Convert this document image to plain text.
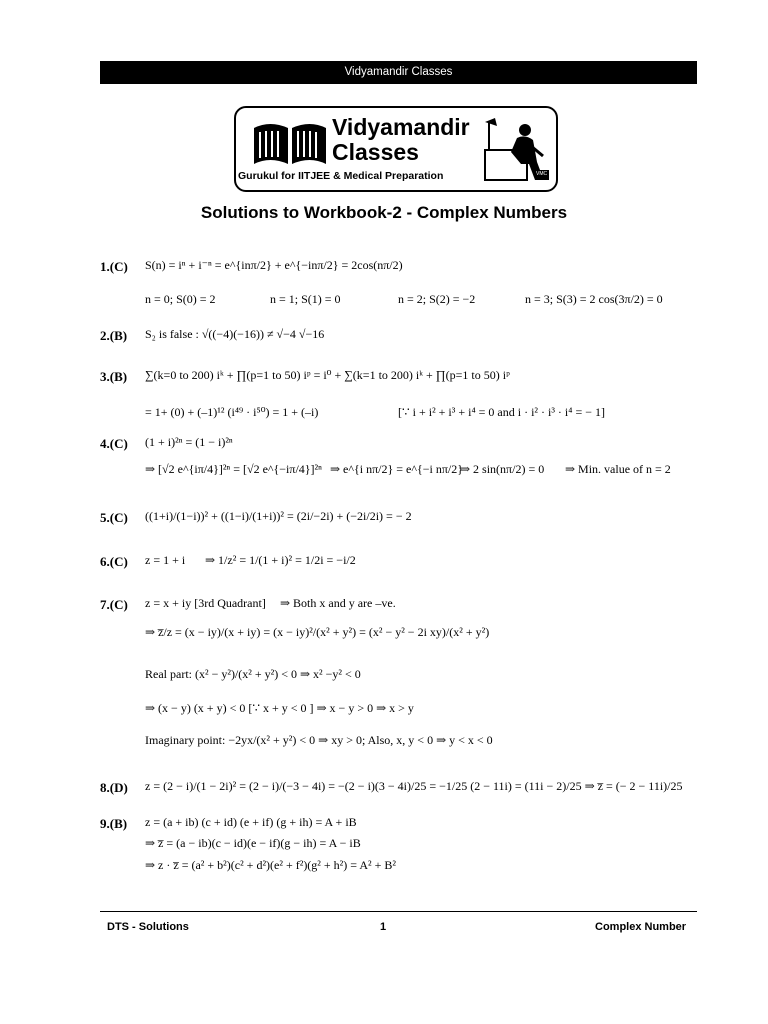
Vidyamandir Classes
Vidyamandir
Classes
Gurukul for IITJEE & Medical Preparation	VMC
Solutions to Workbook-2 - Complex Numbers
1.(C) S(n) = iⁿ + i⁻ⁿ = e^{inπ/2} + e^{−inπ/2} = 2cos(nπ/2)
n = 0; S(0) = 2	n = 1; S(1) = 0	n = 2; S(2) = −2	n = 3; S(3) = 2 cos(3π/2) = 0
2.(B) S₂ is false : √((−4)(−16)) ≠ √−4 √−16
3.(B) ∑(k=0 to 200) iᵏ + ∏(p=1 to 50) iᵖ = i⁰ + ∑(k=1 to 200) iᵏ + ∏(p=1 to 50) iᵖ
= 1+ (0) + (–1)¹² (i⁴⁹ · i⁵⁰) = 1 + (–i)	[∵ i + i² + i³ + i⁴ = 0 and i · i² · i³ · i⁴ = − 1]
4.(C) (1 + i)²ⁿ = (1 − i)²ⁿ
⇒ [√2 e^{iπ/4}]²ⁿ = [√2 e^{−iπ/4}]²ⁿ ⇒ e^{i nπ/2} = e^{−i nπ/2}
⇒ 2 sin(nπ/2) = 0 ⇒ Min. value of n = 2
5.(C) ((1+i)/(1−i))² + ((1−i)/(1+i))² = (2i/−2i) + (−2i/2i) = − 2
6.(C) z = 1 + i ⇒ 1/z² = 1/(1 + i)² = 1/2i = −i/2
7.(C) z = x + iy [3rd Quadrant] ⇒ Both x and y are –ve.
⇒ z̅/z = (x − iy)/(x + iy) = (x − iy)²/(x² + y²) = (x² − y² − 2i xy)/(x² + y²)
Real part: (x² − y²)/(x² + y²) < 0 ⇒ x² −y² < 0
⇒ (x − y) (x + y) < 0 [∵ x + y < 0 ] ⇒ x − y > 0 ⇒ x > y
Imaginary point: −2yx/(x² + y²) < 0 ⇒ xy > 0; Also, x, y < 0 ⇒ y < x < 0
8.(D) z = (2 − i)/(1 − 2i)² = (2 − i)/(−3 − 4i) = −(2 − i)(3 − 4i)/25 = −1/25 (2 − 11i) = (11i − 2)/25 ⇒ z̅ = (− 2 − 11i)/25
9.(B) z = (a + ib) (c + id) (e + if) (g + ih) = A + iB
⇒ z̅ = (a − ib)(c − id)(e − if)(g − ih) = A − iB
⇒ z · z̅ = (a² + b²)(c² + d²)(e² + f²)(g² + h²) = A² + B²
DTS - Solutions	1	Complex Number
